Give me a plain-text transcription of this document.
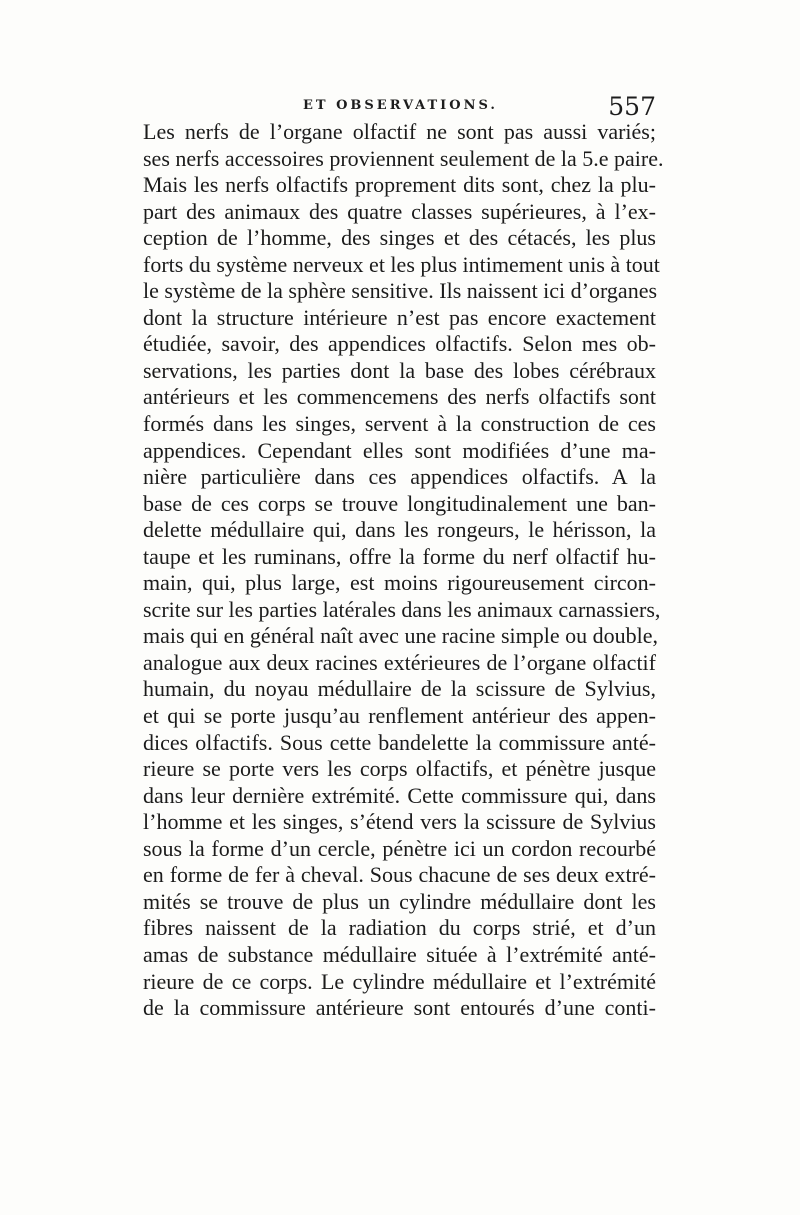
ET OBSERVATIONS.	557
Les nerfs de l’organe olfactif ne sont pas aussi variés;
ses nerfs accessoires proviennent seulement de la 5.e paire.
Mais les nerfs olfactifs proprement dits sont, chez la plu-
part des animaux des quatre classes supérieures, à l’ex-
ception de l’homme, des singes et des cétacés, les plus
forts du système nerveux et les plus intimement unis à tout
le système de la sphère sensitive. Ils naissent ici d’organes
dont la structure intérieure n’est pas encore exactement
étudiée, savoir, des appendices olfactifs. Selon mes ob-
servations, les parties dont la base des lobes cérébraux
antérieurs et les commencemens des nerfs olfactifs sont
formés dans les singes, servent à la construction de ces
appendices. Cependant elles sont modifiées d’une ma-
nière particulière dans ces appendices olfactifs. A la
base de ces corps se trouve longitudinalement une ban-
delette médullaire qui, dans les rongeurs, le hérisson, la
taupe et les ruminans, offre la forme du nerf olfactif hu-
main, qui, plus large, est moins rigoureusement circon-
scrite sur les parties latérales dans les animaux carnassiers,
mais qui en général naît avec une racine simple ou double,
analogue aux deux racines extérieures de l’organe olfactif
humain, du noyau médullaire de la scissure de Sylvius,
et qui se porte jusqu’au renflement antérieur des appen-
dices olfactifs. Sous cette bandelette la commissure anté-
rieure se porte vers les corps olfactifs, et pénètre jusque
dans leur dernière extrémité. Cette commissure qui, dans
l’homme et les singes, s’étend vers la scissure de Sylvius
sous la forme d’un cercle, pénètre ici un cordon recourbé
en forme de fer à cheval. Sous chacune de ses deux extré-
mités se trouve de plus un cylindre médullaire dont les
fibres naissent de la radiation du corps strié, et d’un
amas de substance médullaire située à l’extrémité anté-
rieure de ce corps. Le cylindre médullaire et l’extrémité
de la commissure antérieure sont entourés d’une conti-
